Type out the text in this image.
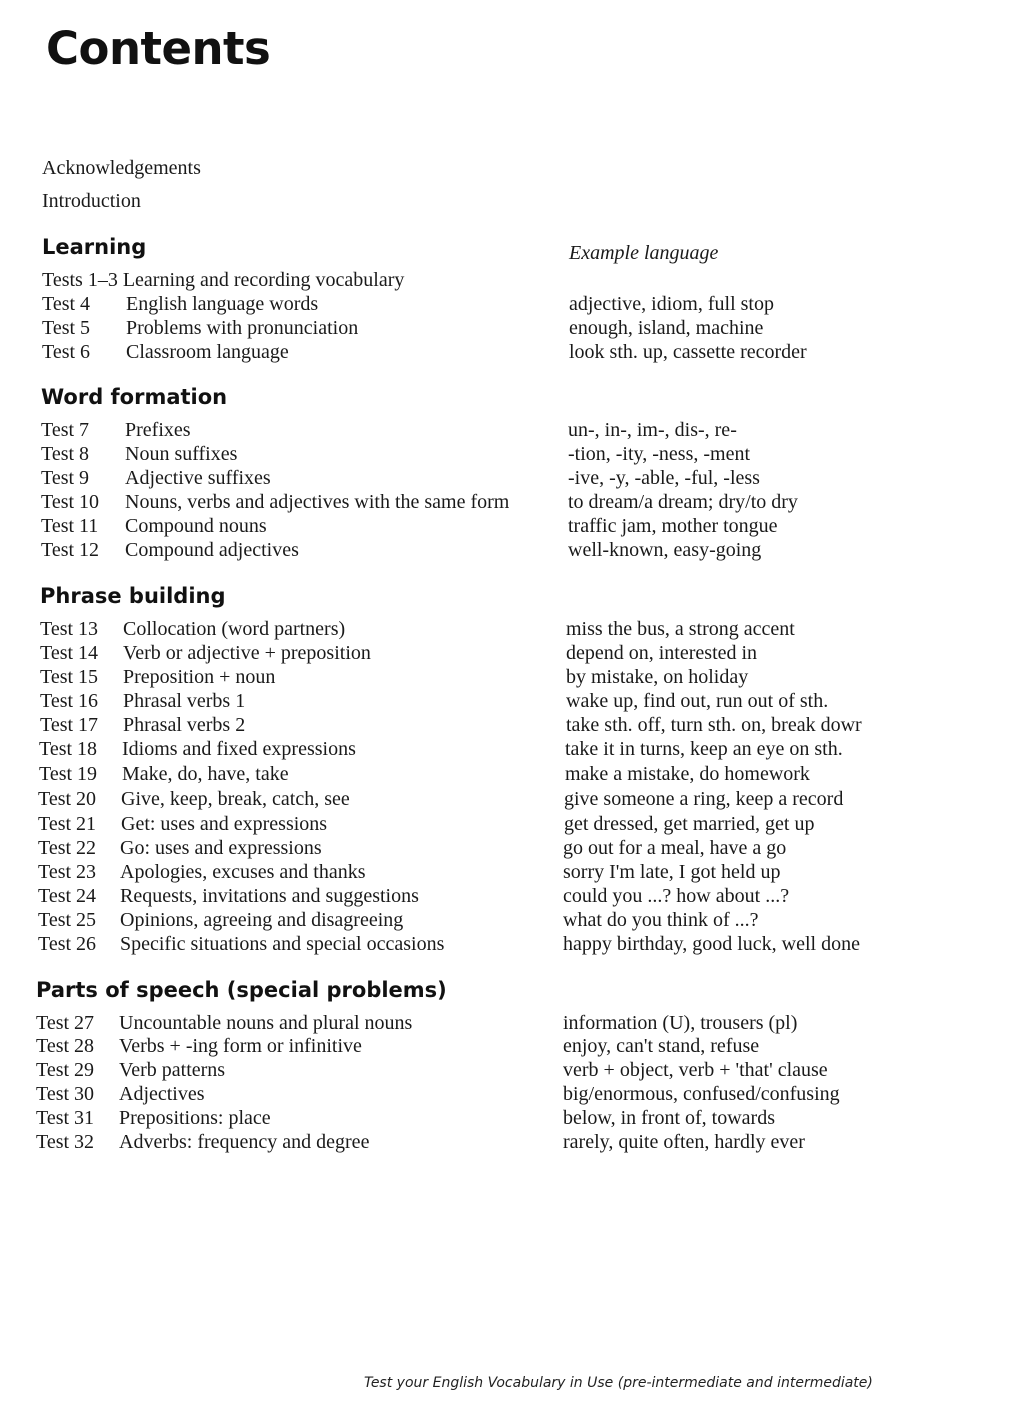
Contents
Acknowledgements
Introduction
Example language
Learning
Tests 1–3 Learning and recording vocabulary
Test 4 English language words	adjective, idiom, full stop
Test 5 Problems with pronunciation	enough, island, machine
Test 6 Classroom language	look sth. up, cassette recorder
Word formation
Test 7 Prefixes	un-, in-, im-, dis-, re-
Test 8 Noun suffixes	-tion, -ity, -ness, -ment
Test 9 Adjective suffixes	-ive, -y, -able, -ful, -less
Test 10 Nouns, verbs and adjectives with the same form	to dream/a dream; dry/to dry
Test 11 Compound nouns	traffic jam, mother tongue
Test 12 Compound adjectives	well-known, easy-going
Phrase building
Test 13 Collocation (word partners)	miss the bus, a strong accent
Test 14 Verb or adjective + preposition	depend on, interested in
Test 15 Preposition + noun	by mistake, on holiday
Test 16 Phrasal verbs 1	wake up, find out, run out of sth.
Test 17 Phrasal verbs 2	take sth. off, turn sth. on, break dowr
Test 18 Idioms and fixed expressions	take it in turns, keep an eye on sth.
Test 19 Make, do, have, take	make a mistake, do homework
Test 20 Give, keep, break, catch, see	give someone a ring, keep a record
Test 21 Get: uses and expressions	get dressed, get married, get up
Test 22 Go: uses and expressions	go out for a meal, have a go
Test 23 Apologies, excuses and thanks	sorry I'm late, I got held up
Test 24 Requests, invitations and suggestions	could you ...? how about ...?
Test 25 Opinions, agreeing and disagreeing	what do you think of ...?
Test 26 Specific situations and special occasions	happy birthday, good luck, well done
Parts of speech (special problems)
Test 27 Uncountable nouns and plural nouns	information (U), trousers (pl)
Test 28 Verbs + -ing form or infinitive	enjoy, can't stand, refuse
Test 29 Verb patterns	verb + object, verb + 'that' clause
Test 30 Adjectives	big/enormous, confused/confusing
Test 31 Prepositions: place	below, in front of, towards
Test 32 Adverbs: frequency and degree	rarely, quite often, hardly ever
Test your English Vocabulary in Use (pre-intermediate and intermediate)
